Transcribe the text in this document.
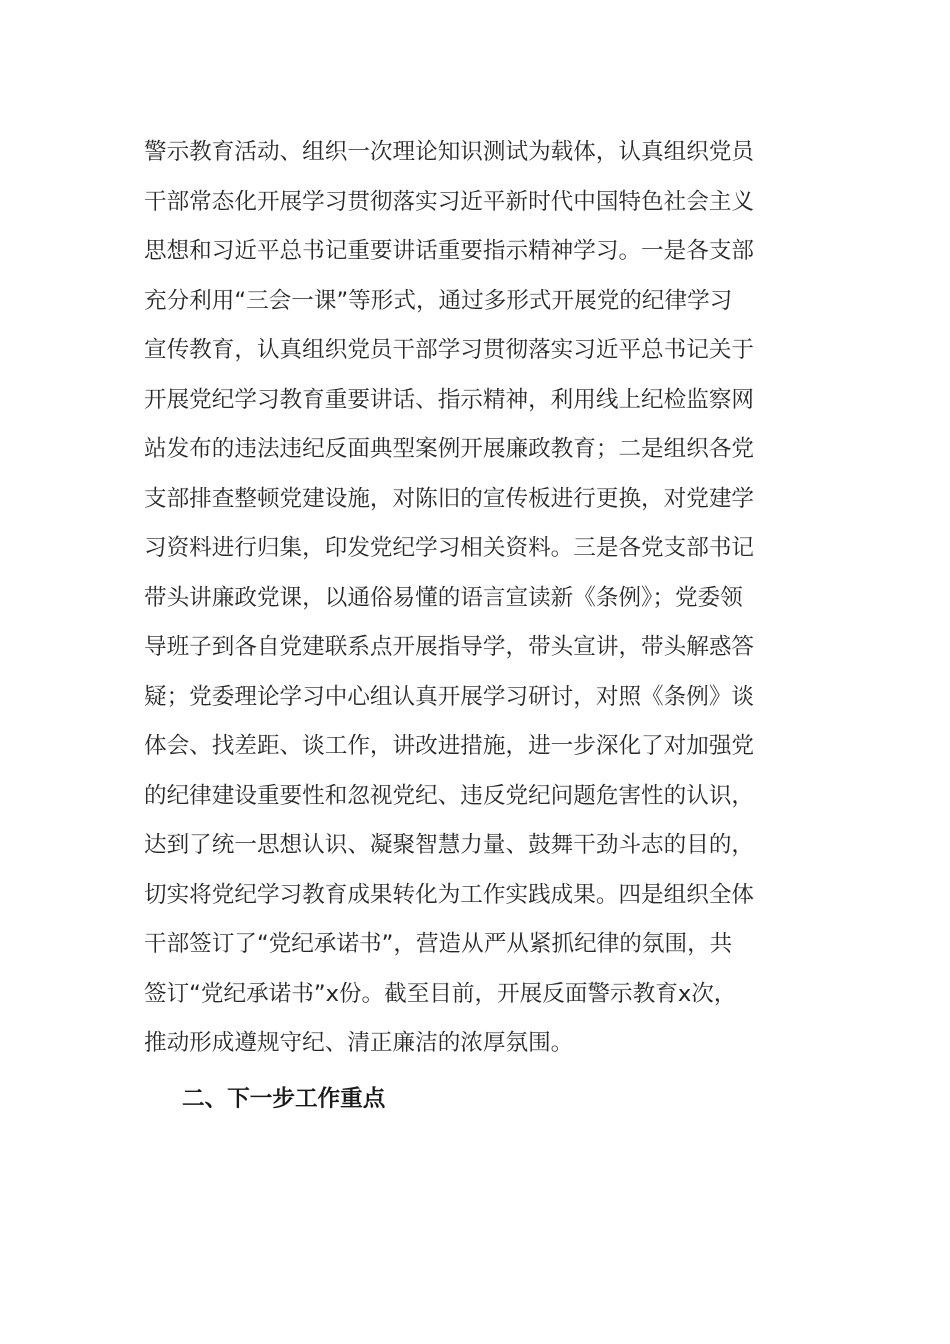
警示教育活动、组织一次理论知识测试为载体，认真组织党员
干部常态化开展学习贯彻落实习近平新时代中国特色社会主义
思想和习近平总书记重要讲话重要指示精神学习。一是各支部
充分利用“三会一课”等形式，通过多形式开展党的纪律学习
宣传教育，认真组织党员干部学习贯彻落实习近平总书记关于
开展党纪学习教育重要讲话、指示精神，利用线上纪检监察网
站发布的违法违纪反面典型案例开展廉政教育；二是组织各党
支部排查整顿党建设施，对陈旧的宣传板进行更换，对党建学
习资料进行归集，印发党纪学习相关资料。三是各党支部书记
带头讲廉政党课，以通俗易懂的语言宣读新《条例》；党委领
导班子到各自党建联系点开展指导学，带头宣讲，带头解惑答
疑；党委理论学习中心组认真开展学习研讨，对照《条例》谈
体会、找差距、谈工作，讲改进措施，进一步深化了对加强党
的纪律建设重要性和忽视党纪、违反党纪问题危害性的认识，
达到了统一思想认识、凝聚智慧力量、鼓舞干劲斗志的目的，
切实将党纪学习教育成果转化为工作实践成果。四是组织全体
干部签订了“党纪承诺书”，营造从严从紧抓纪律的氛围，共
签订“党纪承诺书”x份。截至目前，开展反面警示教育x次，
推动形成遵规守纪、清正廉洁的浓厚氛围。
二、下一步工作重点
